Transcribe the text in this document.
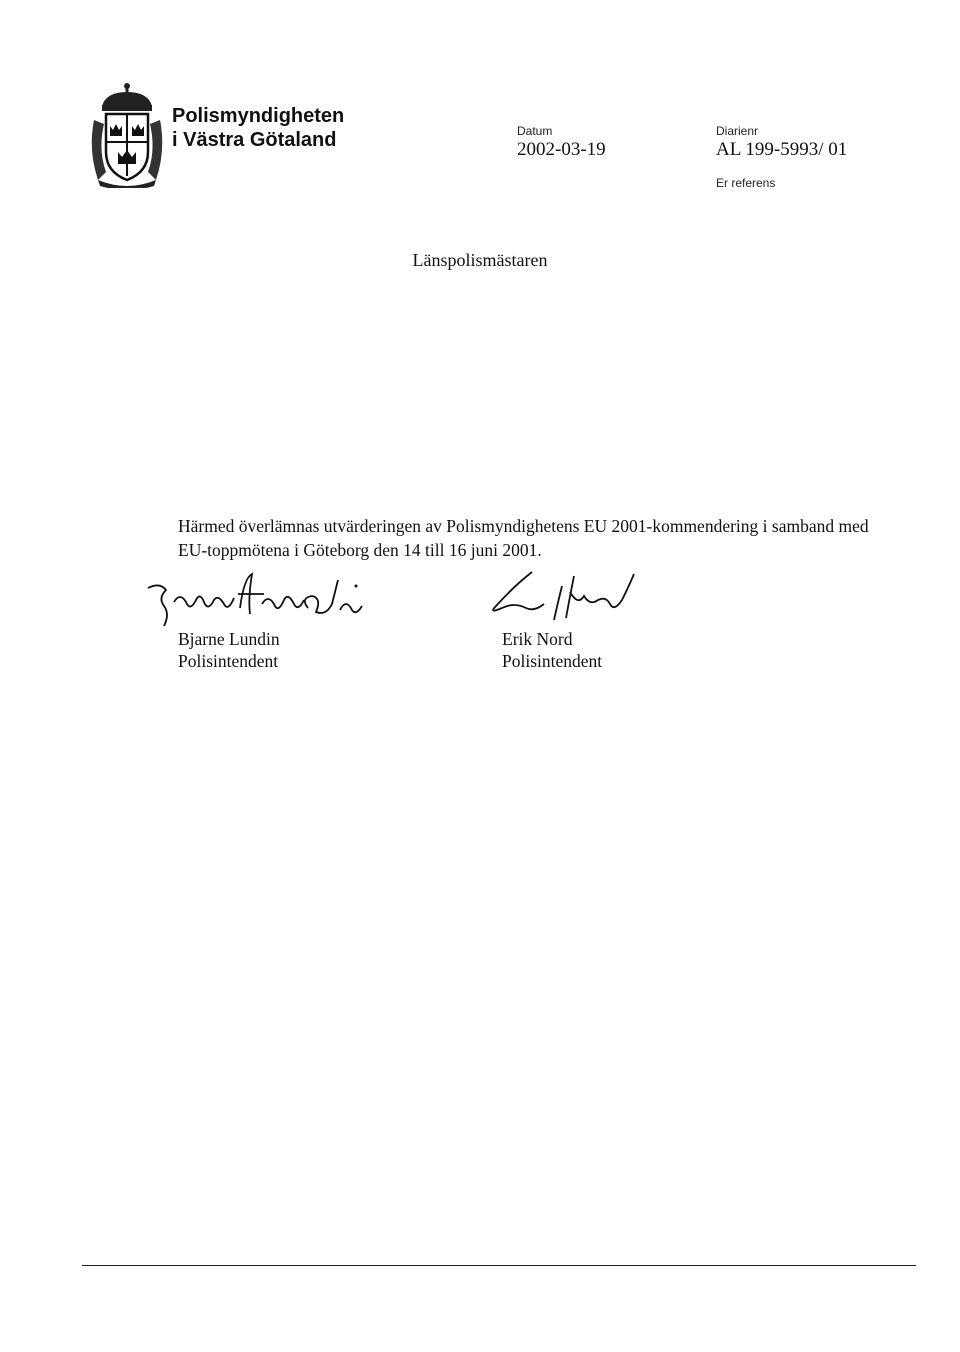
Polismyndigheten
i Västra Götaland	Datum
2002-03-19
Diarienr
AL 199-5993/ 01
Er referens
Länspolismästaren
Härmed överlämnas utvärderingen av Polismyndighetens EU 2001-kommendering i samband med EU-toppmötena i Göteborg den 14 till 16 juni 2001.
Bjarne Lundin
Polisintendent
Erik Nord
Polisintendent
